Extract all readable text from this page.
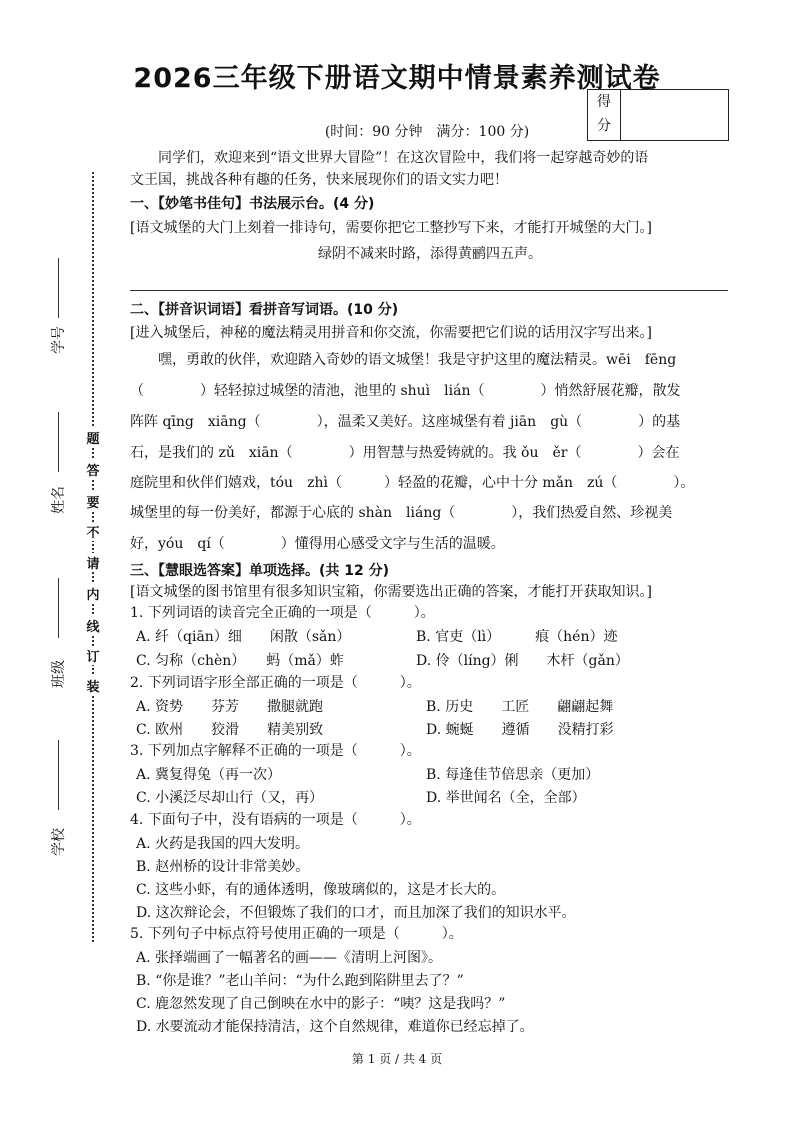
2026三年级下册语文期中情景素养测试卷
得
分
(时间：90 分钟　满分：100 分)
学号
姓名
班级
学校
题
答
要
不
请
内
线
订
装
同学们，欢迎来到“语文世界大冒险”！在这次冒险中，我们将一起穿越奇妙的语
文王国，挑战各种有趣的任务，快来展现你们的语文实力吧！
一、【妙笔书佳句】书法展示台。(4 分)
[语文城堡的大门上刻着一排诗句，需要你把它工整抄写下来，才能打开城堡的大门。]
绿阴不减来时路，添得黄鹂四五声。
二、【拼音识词语】看拼音写词语。(10 分)
[进入城堡后，神秘的魔法精灵用拼音和你交流，你需要把它们说的话用汉字写出来。]
　　嘿，勇敢的伙伴，欢迎踏入奇妙的语文城堡！我是守护这里的魔法精灵。wēi　fēng
（　　　　）轻轻掠过城堡的清池，池里的 shuì　lián（　　　　）悄然舒展花瓣，散发
阵阵 qīng　xiāng（　　　　），温柔又美好。这座城堡有着 jiān　gù（　　　　）的基
石，是我们的 zǔ　xiān（　　　　）用智慧与热爱铸就的。我 ǒu　ěr（　　　　）会在
庭院里和伙伴们嬉戏，tóu　zhì（　　　）轻盈的花瓣，心中十分 mǎn　zú（　　　　）。
城堡里的每一份美好，都源于心底的 shàn　liáng（　　　　），我们热爱自然、珍视美
好，yóu　qí（　　　　）懂得用心感受文字与生活的温暖。
三、【慧眼选答案】单项选择。(共 12 分)
[语文城堡的图书馆里有很多知识宝箱，你需要选出正确的答案，才能打开获取知识。]
1. 下列词语的读音完全正确的一项是（　　　）。
A. 纤（qiān）细　　闲散（sǎn）	B. 官吏（lì）　　　痕（hén）迹
C. 匀称（chèn）　　蚂（mǎ）蚱	D. 伶（líng）俐　　木杆（gǎn）
2. 下列词语字形全部正确的一项是（　　　）。
A. 资势　　芬芳　　撒腿就跑	B. 历史　　工匠　　翩翩起舞
C. 欧州　　狡滑　　精美别致	D. 蜿蜒　　遵循　　没精打彩
3. 下列加点字解释不正确的一项是（　　　）。
A. 冀复得兔（再一次）	B. 每逢佳节倍思亲（更加）
C. 小溪泛尽却山行（又，再）	D. 举世闻名（全，全部）
4. 下面句子中，没有语病的一项是（　　　）。
A. 火药是我国的四大发明。
B. 赵州桥的设计非常美妙。
C. 这些小虾，有的通体透明，像玻璃似的，这是才长大的。
D. 这次辩论会，不但锻炼了我们的口才，而且加深了我们的知识水平。
5. 下列句子中标点符号使用正确的一项是（　　　）。
A. 张择端画了一幅著名的画——《清明上河图》。
B. “你是谁？”老山羊问：“为什么跑到陷阱里去了？”
C. 鹿忽然发现了自己倒映在水中的影子：“咦？这是我吗？”
D. 水要流动才能保持清洁，这个自然规律，难道你已经忘掉了。
第 1 页 / 共 4 页
